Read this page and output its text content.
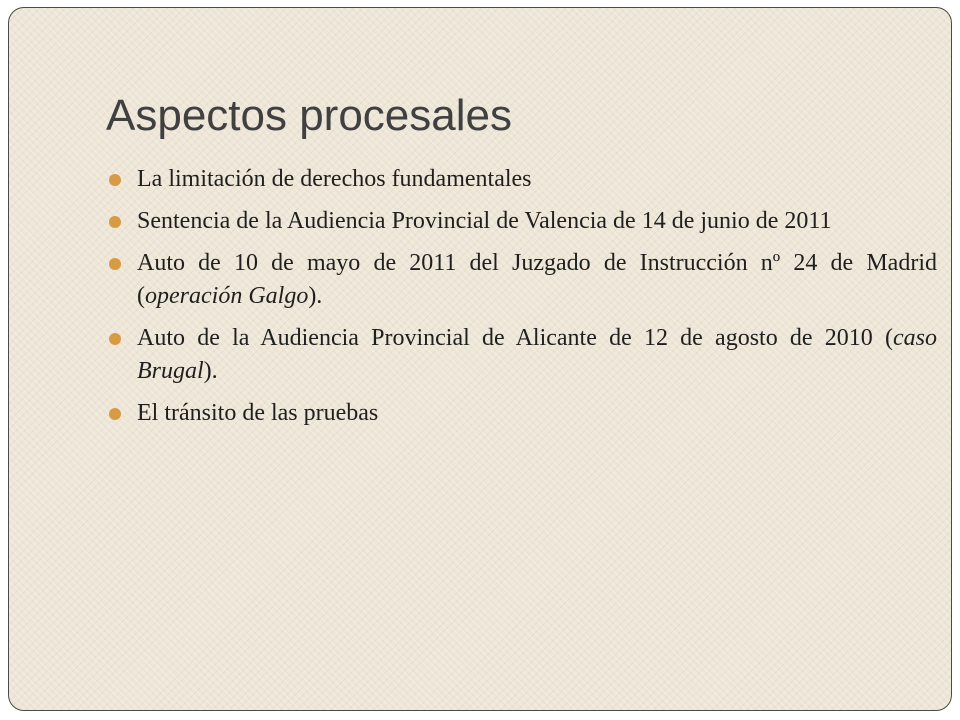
Aspectos procesales
La limitación de derechos fundamentales
Sentencia de la Audiencia Provincial de Valencia de 14 de junio de 2011
Auto de 10 de mayo de 2011 del Juzgado de Instrucción nº 24 de Madrid (operación Galgo).
Auto de la Audiencia Provincial de Alicante de 12 de agosto de 2010 (caso Brugal).
El tránsito de las pruebas
